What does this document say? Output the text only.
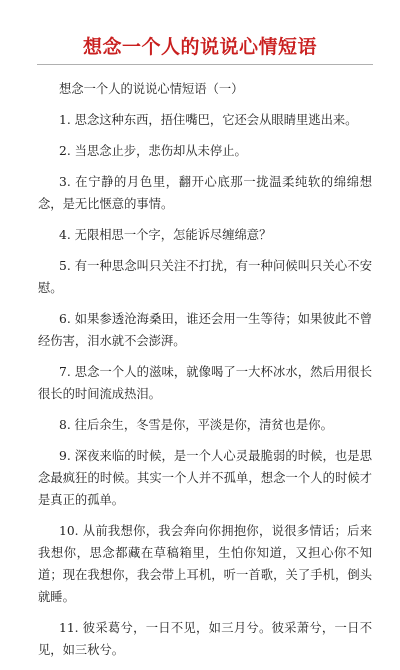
想念一个人的说说心情短语

想念一个人的说说心情短语（一）

1. 思念这种东西，捂住嘴巴，它还会从眼睛里逃出来。

2. 当思念止步，悲伤却从未停止。

3. 在宁静的月色里，翻开心底那一拢温柔纯软的绵绵想念，是无比惬意的事情。

4. 无限相思一个字，怎能诉尽缠绵意？

5. 有一种思念叫只关注不打扰，有一种问候叫只关心不安慰。

6. 如果参透沧海桑田，谁还会用一生等待；如果彼此不曾经伤害，泪水就不会澎湃。

7. 思念一个人的滋味，就像喝了一大杯冰水，然后用很长很长的时间流成热泪。

8. 往后余生，冬雪是你，平淡是你，清贫也是你。

9. 深夜来临的时候，是一个人心灵最脆弱的时候，也是思念最疯狂的时候。其实一个人并不孤单，想念一个人的时候才是真正的孤单。

10. 从前我想你，我会奔向你拥抱你，说很多情话；后来我想你，思念都藏在草稿箱里，生怕你知道，又担心你不知道；现在我想你，我会带上耳机，听一首歌，关了手机，倒头就睡。

11. 彼采葛兮，一日不见，如三月兮。彼采萧兮，一日不见，如三秋兮。
